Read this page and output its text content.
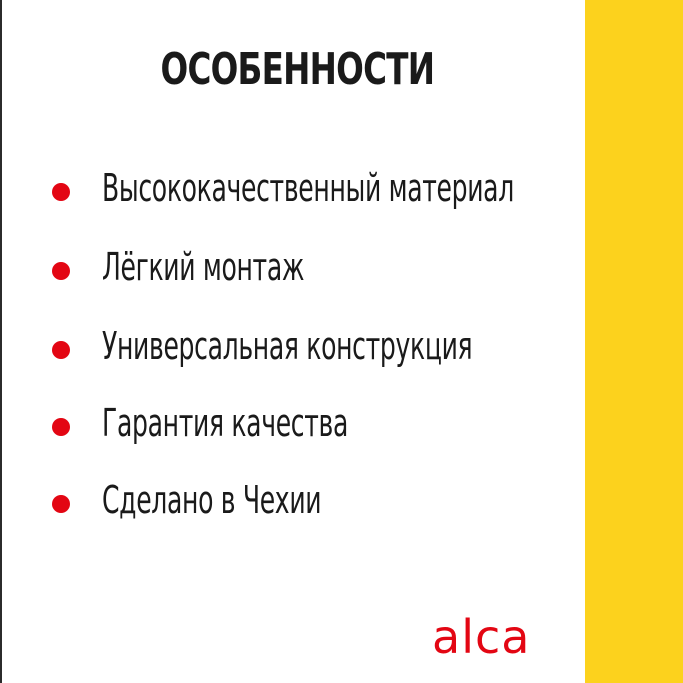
ОСОБЕННОСТИ
Высококачественный материал
Лёгкий монтаж
Универсальная конструкция
Гарантия качества
Сделано в Чехии
alca
